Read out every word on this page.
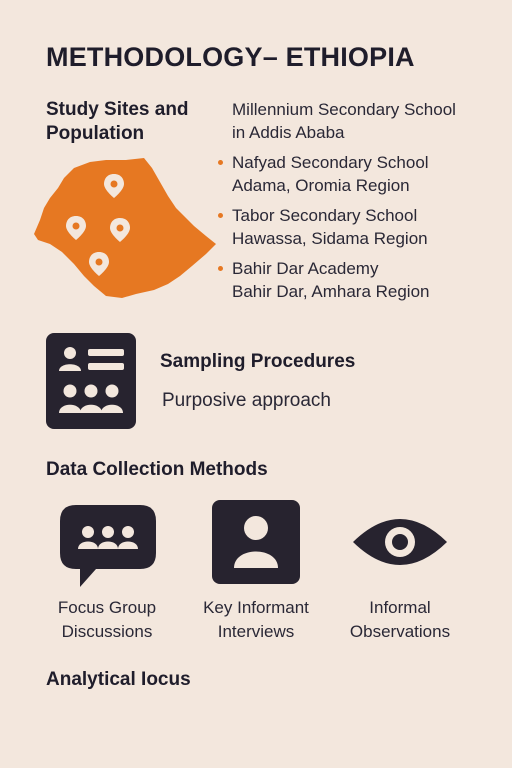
METHODOLOGY– ETHIOPIA
Study Sites and
Population
Millennium Secondary School
in Addis Ababa
Nafyad Secondary School
Adama, Oromia Region
Tabor Secondary School
Hawassa, Sidama Region
Bahir Dar Academy
Bahir Dar, Amhara Region
Sampling Procedures
Purposive approach
Data Collection Methods
Focus Group
Discussions
Key Informant
Interviews
Informal
Observations
Analytical Ɩocus
